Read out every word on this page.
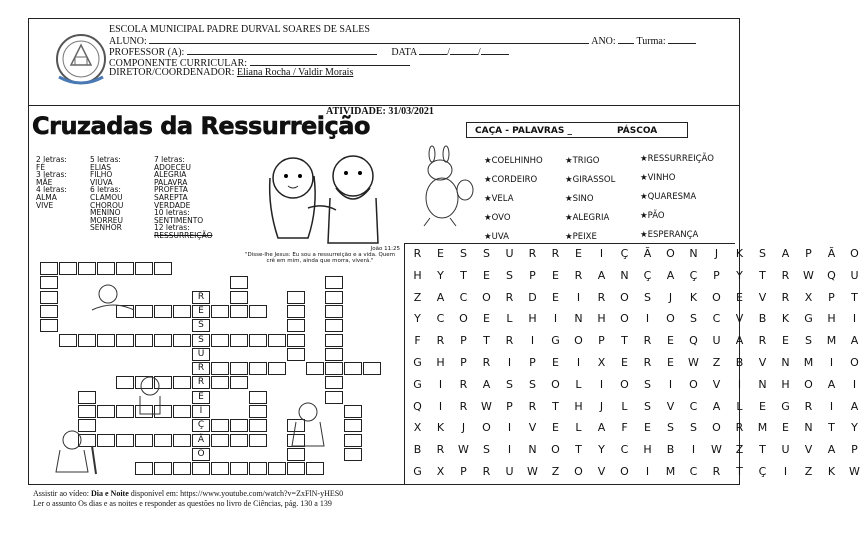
ESCOLA MUNICIPAL PADRE DURVAL SOARES DE SALES
ALUNO:	ANO: Turma:
PROFESSOR (A):	DATA	/	/
COMPONENTE CURRICULAR:
DIRETOR/COORDENADOR: Eliana Rocha / Valdir Morais
ATIVIDADE: 31/03/2021
Cruzadas da Ressurreição
2 letras:
FÉ
3 letras:
MÃE
4 letras:
ALMA
VIVE
5 letras:
ELIAS
FILHO
VIÚVA
6 letras:
CLAMOU
CHOROU
MENINO
MORREU
SENHOR
7 letras:
ADOECEU
ALEGRIA
PALAVRA
PROFETA
SAREPTA
VERDADE
10 letras:
SENTIMENTO
12 letras:
RESSURREIÇÃO
João 11:25
"Disse-lhe Jesus: Eu sou a ressurreição e a vida. Quem crê em mim, ainda que morra, viverá."
CAÇA - PALAVRAS _	PÁSCOA
★COELHINHO	★TRIGO	★RESSURREIÇÃO
★CORDEIRO	★GIRASSOL	★VINHO
★VELA	★SINO	★QUARESMA
★OVO	★ALEGRIA	★PÃO
★UVA	★PEIXE	★ESPERANÇA
R E S S U R R E I Ç Ã O N J K S A P Ã O
H Y T E S P E R A N Ç A Ç P Y T R W Q U
Z A C O R D E I R O S J K O E V R X P T
Y C O E L H I N H O I O S C V B K G H I
F R P T R I G O P T R E Q U A R E S M A
G H P R I P E I X E R E W Z B V N M I O
G I R A S S O L I O S I O V I N H O A I
Q I R W P R T H J L S V C A L E G R I A
X K J O I V E L A F E S S O R M E N T Y
B R W S I N O T Y C H B I W Z T U V A P
G X P R U W Z O V O I M C R T Ç I Z K W
R
E
S
S
U
R
R
E
I
Ç
Ã
O
Assistir ao vídeo: Dia e Noite disponível em: https://www.youtube.com/watch?v=ZxFlN-yHES0
Ler o assunto Os dias e as noites e responder as questões no livro de Ciências, pág. 130 a 139
